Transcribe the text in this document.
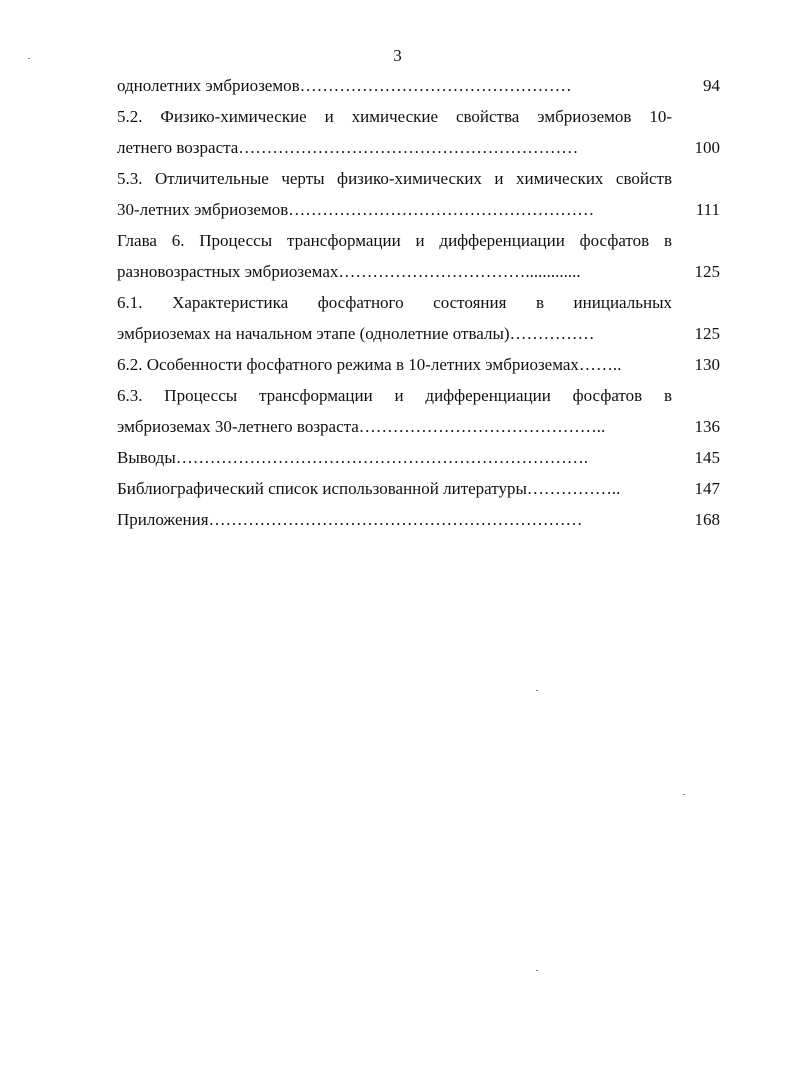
3
однолетних эмбриоземов…………………………………………	94
5.2. Физико-химические и химические свойства эмбриоземов 10-
летнего возраста……………………………………………………	100
5.3. Отличительные черты физико-химических и химических свойств
30-летних эмбриоземов………………………………………………	111
Глава 6. Процессы трансформации и дифференциации фосфатов в
разновозрастных эмбриоземах…………………………….............	125
6.1. Характеристика фосфатного состояния в инициальных
эмбриоземах на начальном этапе (однолетние отвалы)……………	125
6.2. Особенности фосфатного режима в 10-летних эмбриоземах……..	130
6.3. Процессы трансформации и дифференциации фосфатов в
эмбриоземах 30-летнего возраста……………………………………..	136
Выводы……………………………………………………………….	145
Библиографический список использованной литературы……………..	147
Приложения…………………………………………………………	168
